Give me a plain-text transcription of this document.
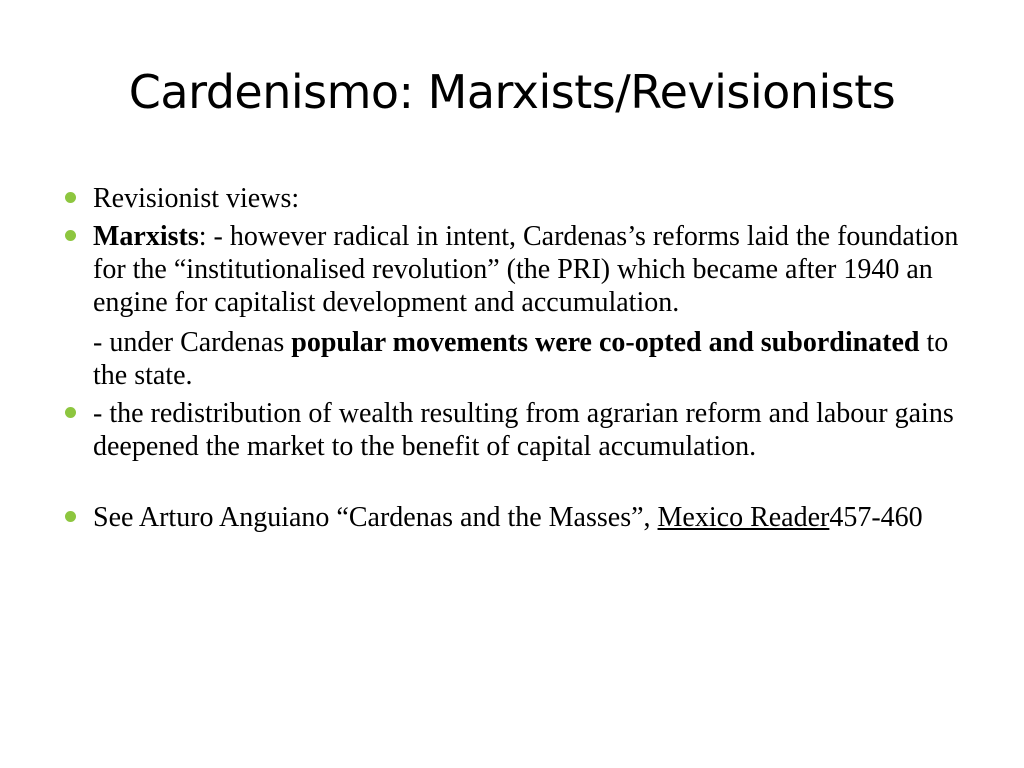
Cardenismo: Marxists/Revisionists
Revisionist views:
Marxists: - however radical in intent, Cardenas’s reforms laid the foundation for the “institutionalised revolution” (the PRI) which became after 1940 an engine for capitalist development and accumulation.
- under Cardenas popular movements were co-opted and subordinated to the state.
- the redistribution of wealth resulting from agrarian reform and labour gains deepened the market to the benefit of capital accumulation.
See Arturo Anguiano “Cardenas and the Masses”, Mexico Reader457-460
